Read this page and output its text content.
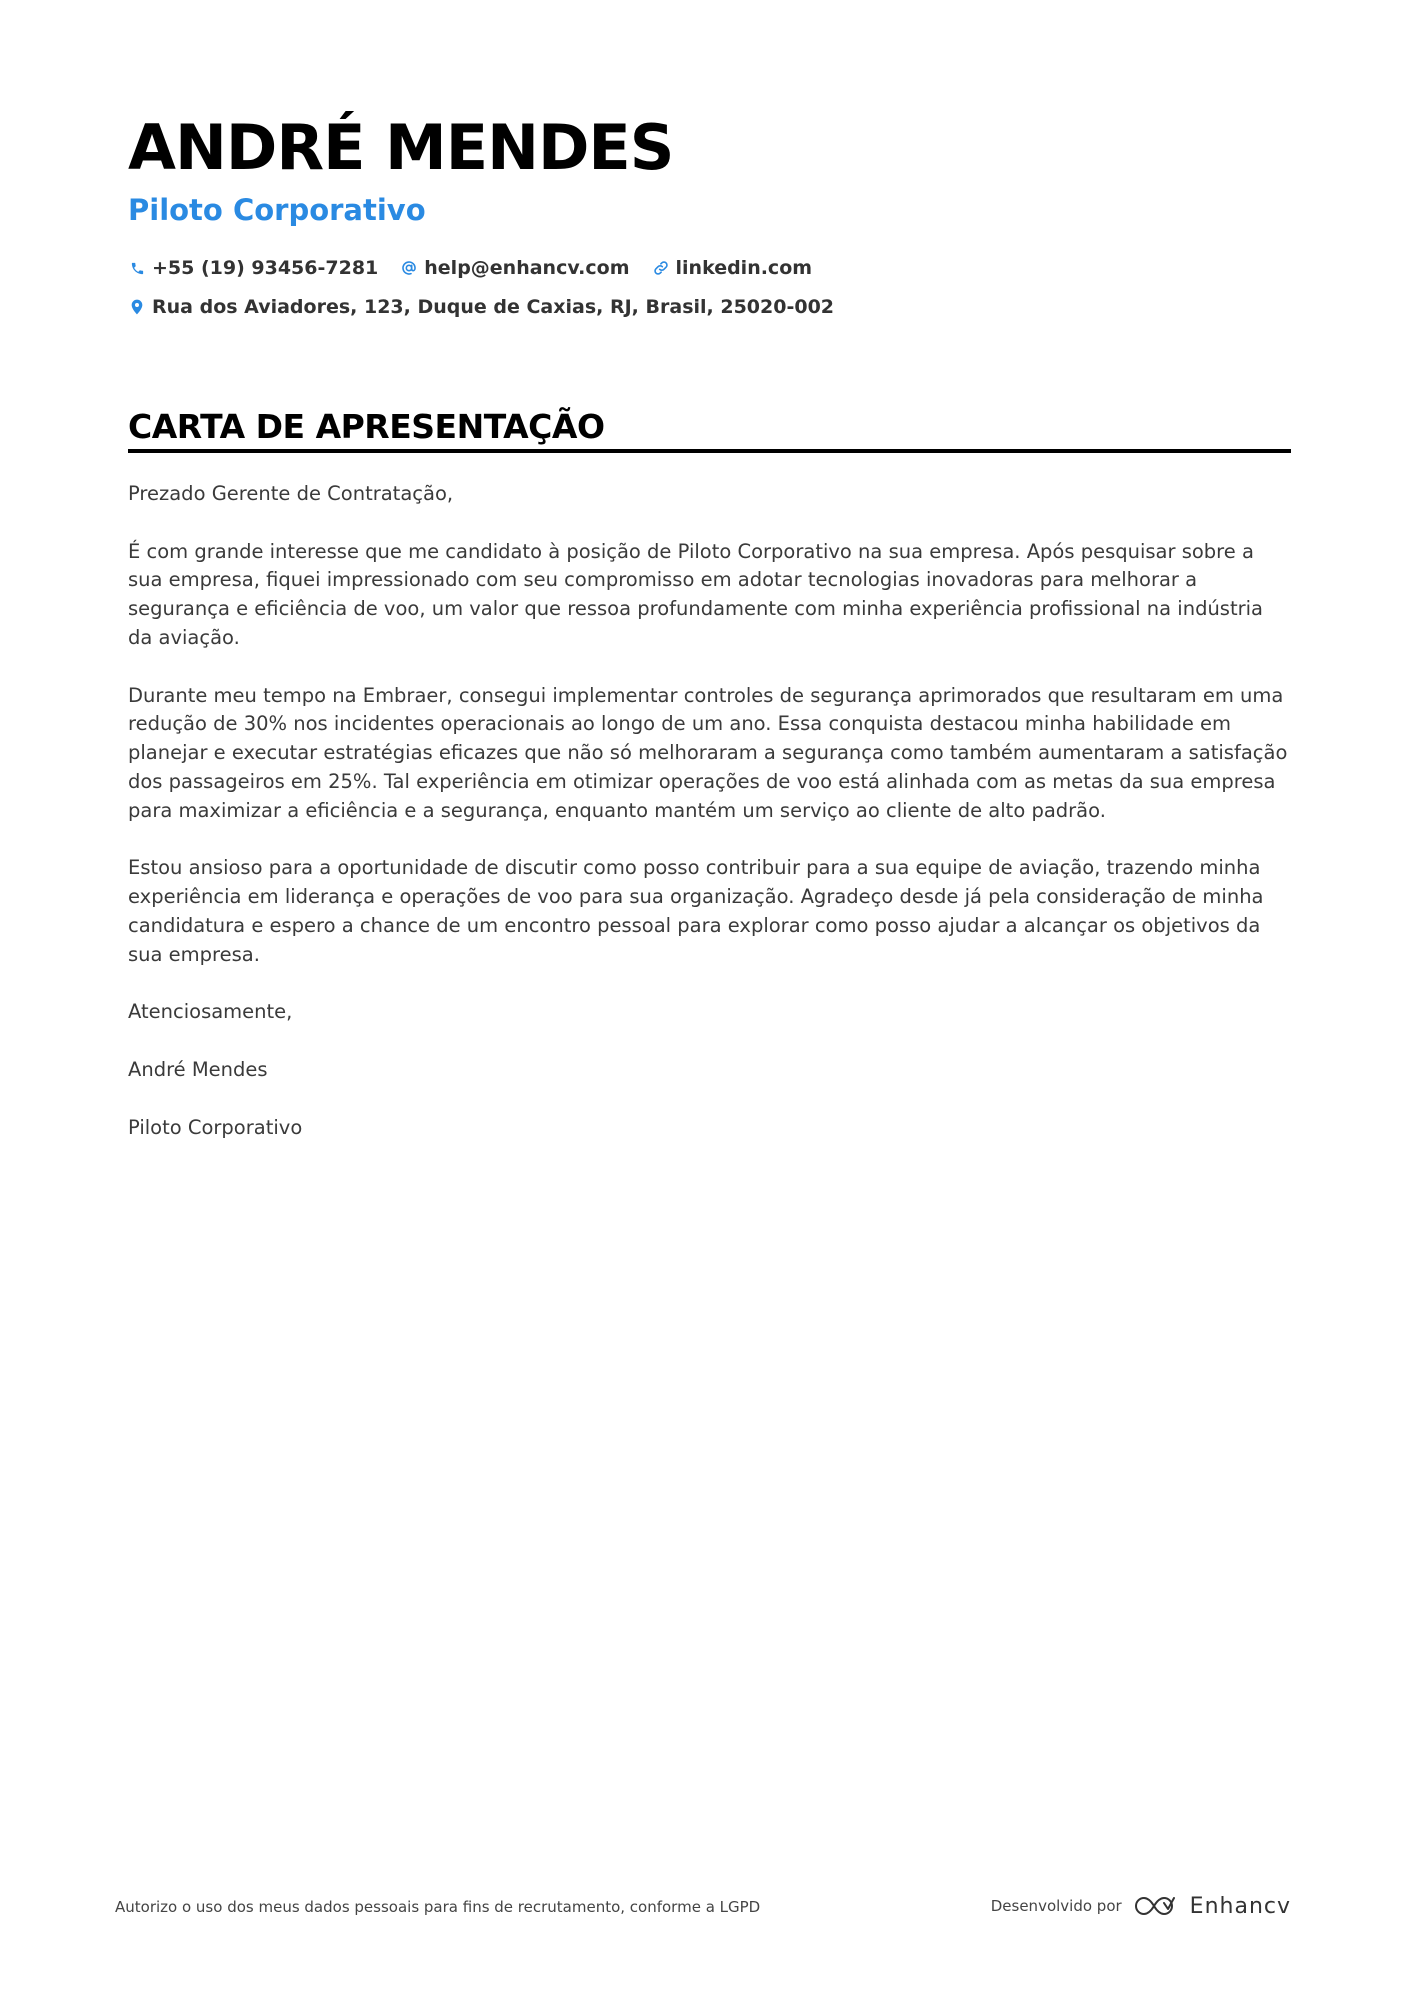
ANDRÉ MENDES
Piloto Corporativo
+55 (19) 93456-7281 help@enhancv.com linkedin.com
Rua dos Aviadores, 123, Duque de Caxias, RJ, Brasil, 25020-002
CARTA DE APRESENTAÇÃO

Prezado Gerente de Contratação,

É com grande interesse que me candidato à posição de Piloto Corporativo na sua empresa. Após pesquisar sobre a sua empresa, fiquei impressionado com seu compromisso em adotar tecnologias inovadoras para melhorar a segurança e eficiência de voo, um valor que ressoa profundamente com minha experiência profissional na indústria da aviação.

Durante meu tempo na Embraer, consegui implementar controles de segurança aprimorados que resultaram em uma redução de 30% nos incidentes operacionais ao longo de um ano. Essa conquista destacou minha habilidade em planejar e executar estratégias eficazes que não só melhoraram a segurança como também aumentaram a satisfação dos passageiros em 25%. Tal experiência em otimizar operações de voo está alinhada com as metas da sua empresa para maximizar a eficiência e a segurança, enquanto mantém um serviço ao cliente de alto padrão.

Estou ansioso para a oportunidade de discutir como posso contribuir para a sua equipe de aviação, trazendo minha experiência em liderança e operações de voo para sua organização. Agradeço desde já pela consideração de minha candidatura e espero a chance de um encontro pessoal para explorar como posso ajudar a alcançar os objetivos da sua empresa.

Atenciosamente,

André Mendes

Piloto Corporativo

Autorizo o uso dos meus dados pessoais para fins de recrutamento, conforme a LGPD	Desenvolvido por	Enhancv
